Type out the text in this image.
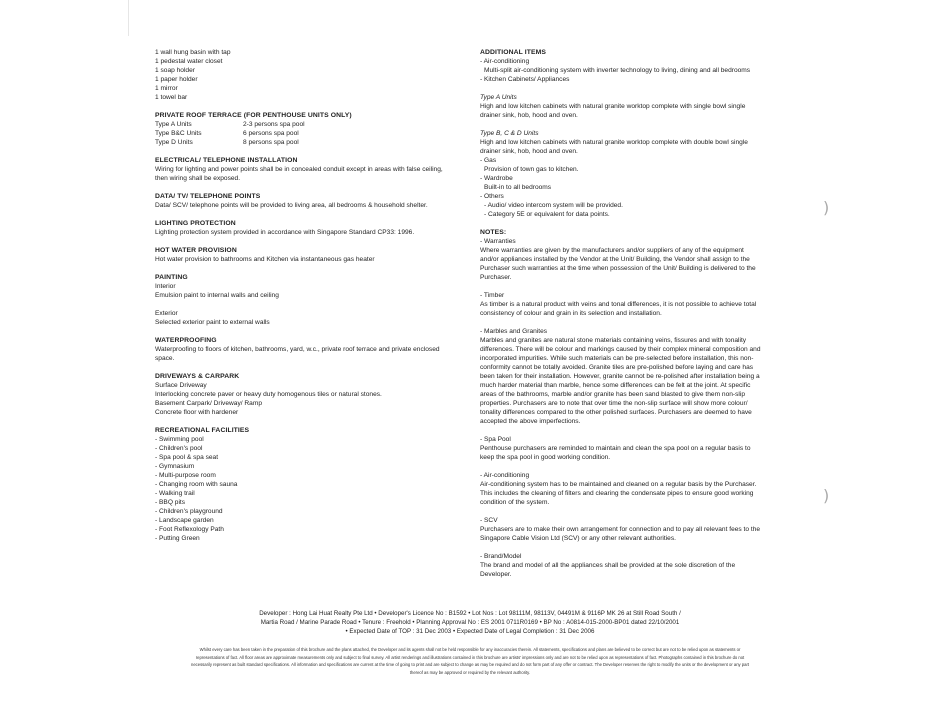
1 wall hung basin with tap

1 pedestal water closet

1 soap holder

1 paper holder

1 mirror

1 towel bar

PRIVATE ROOF TERRACE (FOR PENTHOUSE UNITS ONLY)

Type A Units	2-3 persons spa pool
Type B&C Units	6 persons spa pool
Type D Units	8 persons spa pool

ELECTRICAL/ TELEPHONE INSTALLATION

Wiring for lighting and power points shall be in concealed conduit except in areas with false ceiling, then wiring shall be exposed.

DATA/ TV/ TELEPHONE POINTS

Data/ SCV/ telephone points will be provided to living area, all bedrooms & household shelter.

LIGHTING PROTECTION

Lighting protection system provided in accordance with Singapore Standard CP33: 1996.

HOT WATER PROVISION

Hot water provision to bathrooms and Kitchen via instantaneous gas heater

PAINTING

Interior

Emulsion paint to internal walls and ceiling

Exterior

Selected exterior paint to external walls

WATERPROOFING

Waterproofing to floors of kitchen, bathrooms, yard, w.c., private roof terrace and private enclosed space.

DRIVEWAYS & CARPARK

Surface Driveway

Interlocking concrete paver or heavy duty homogenous tiles or natural stones.

Basement Carpark/ Driveway/ Ramp

Concrete floor with hardener

RECREATIONAL FACILITIES

- Swimming pool

- Children's pool

- Spa pool & spa seat

- Gymnasium

- Multi-purpose room

- Changing room with sauna

- Walking trail

- BBQ pits

- Children's playground

- Landscape garden

- Foot Reflexology Path

- Putting Green

ADDITIONAL ITEMS

- Air-conditioning

Multi-split air-conditioning system with inverter technology to living, dining and all bedrooms

- Kitchen Cabinets/ Appliances

Type A Units

High and low kitchen cabinets with natural granite worktop complete with single bowl single drainer sink, hob, hood and oven.

Type B, C & D Units

High and low kitchen cabinets with natural granite worktop complete with double bowl single drainer sink, hob, hood and oven.

- Gas

Provision of town gas to kitchen.

- Wardrobe

Built-in to all bedrooms

- Others

- Audio/ video intercom system will be provided.

- Category 5E or equivalent for data points.

NOTES:

- Warranties

Where warranties are given by the manufacturers and/or suppliers of any of the equipment and/or appliances installed by the Vendor at the Unit/ Building, the Vendor shall assign to the Purchaser such warranties at the time when possession of the Unit/ Building is delivered to the Purchaser.

- Timber

As timber is a natural product with veins and tonal differences, it is not possible to achieve total consistency of colour and grain in its selection and installation.

- Marbles and Granites

Marbles and granites are natural stone materials containing veins, fissures and with tonality differences. There will be colour and markings caused by their complex mineral composition and incorporated impurities. While such materials can be pre-selected before installation, this non-conformity cannot be totally avoided. Granite tiles are pre-polished before laying and care has been taken for their installation. However, granite cannot be re-polished after installation being a much harder material than marble, hence some differences can be felt at the joint. At specific areas of the bathrooms, marble and/or granite has been sand blasted to give them non-slip properties. Purchasers are to note that over time the non-slip surface will show more colour/ tonality differences compared to the other polished surfaces. Purchasers are deemed to have accepted the above imperfections.

- Spa Pool

Penthouse purchasers are reminded to maintain and clean the spa pool on a regular basis to keep the spa pool in good working condition.

- Air-conditioning

Air-conditioning system has to be maintained and cleaned on a regular basis by the Purchaser. This includes the cleaning of filters and clearing the condensate pipes to ensure good working condition of the system.

- SCV

Purchasers are to make their own arrangement for connection and to pay all relevant fees to the Singapore Cable Vision Ltd (SCV) or any other relevant authorities.

- Brand/Model

The brand and model of all the appliances shall be provided at the sole discretion of the Developer.

)
)

Developer : Hong Lai Huat Realty Pte Ltd • Developer's Licence No : B1592 • Lot Nos : Lot 98111M, 98113V, 04491M & 9116P MK 26 at Still Road South /

Martia Road / Marine Parade Road • Tenure : Freehold • Planning Approval No : ES 2001 0711R0169 • BP No : A0814-015-2000-BP01 dated 22/10/2001

• Expected Date of TOP : 31 Dec 2003 • Expected Date of Legal Completion : 31 Dec 2006

Whilst every care has been taken in the preparation of this brochure and the plans attached, the Developer and its agents shall not be held responsible for any inaccuracies therein. All statements, specifications and plans are believed to be correct but are not to be relied upon as statements or representations of fact. All floor areas are approximate measurements only and subject to final survey. All artist renderings and illustrations contained in this brochure are artists' impressions only and are not to be relied upon as representations of fact. Photographs contained in this brochure do not necessarily represent as built standard specifications. All information and specifications are current at the time of going to print and are subject to change as may be required and do not form part of any offer or contract. The Developer reserves the right to modify the units or the development or any part thereof as may be approved or required by the relevant authority.
